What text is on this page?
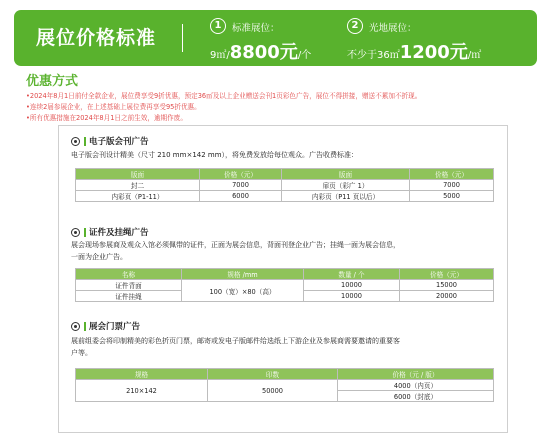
展位价格标准
1	标准展位：
9㎡/8800元/个
2	光地展位：
不少于36㎡1200元/㎡
优惠方式
•2024年8月1日前付全款企业，展位费享受9折优惠，预定36㎡及以上企业赠送会刊1页彩色广告，展位不得拼接，赠送不累加不折现。
•连续2届参展企业，在上述基础上展位费再享受95折优惠。
•所有优惠措施在2024年8月1日之前生效，逾期作废。
电子版会刊广告
电子版会刊设计精美（尺寸 210 mm×142 mm），将免费发放给每位观众。广告收费标准：
版面	价格（元）	版面	价格（元）
封二	7000	扉页（彩广 1）	7000
内彩页（P1-11）	6000	内彩页（P11 页以后）	5000
证件及挂绳广告
展会现场参展商及观众入馆必须佩带的证件，正面为展会信息，背面刊登企业广告；挂绳一面为展会信息，
一面为企业广告。
名称	规格 /mm	数量 / 个	价格（元）
证件背面	100（宽）×80（高）	10000	15000
证件挂绳		10000	20000
展会门票广告
展前组委会将印制精美的彩色折页门票，邮寄或发电子版邮件给选纸上下游企业及参展商需要邀请的重要客
户等。
规格	印数	价格（元 / 版）
210×142	50000	4000（内页）
		6000（封底）
